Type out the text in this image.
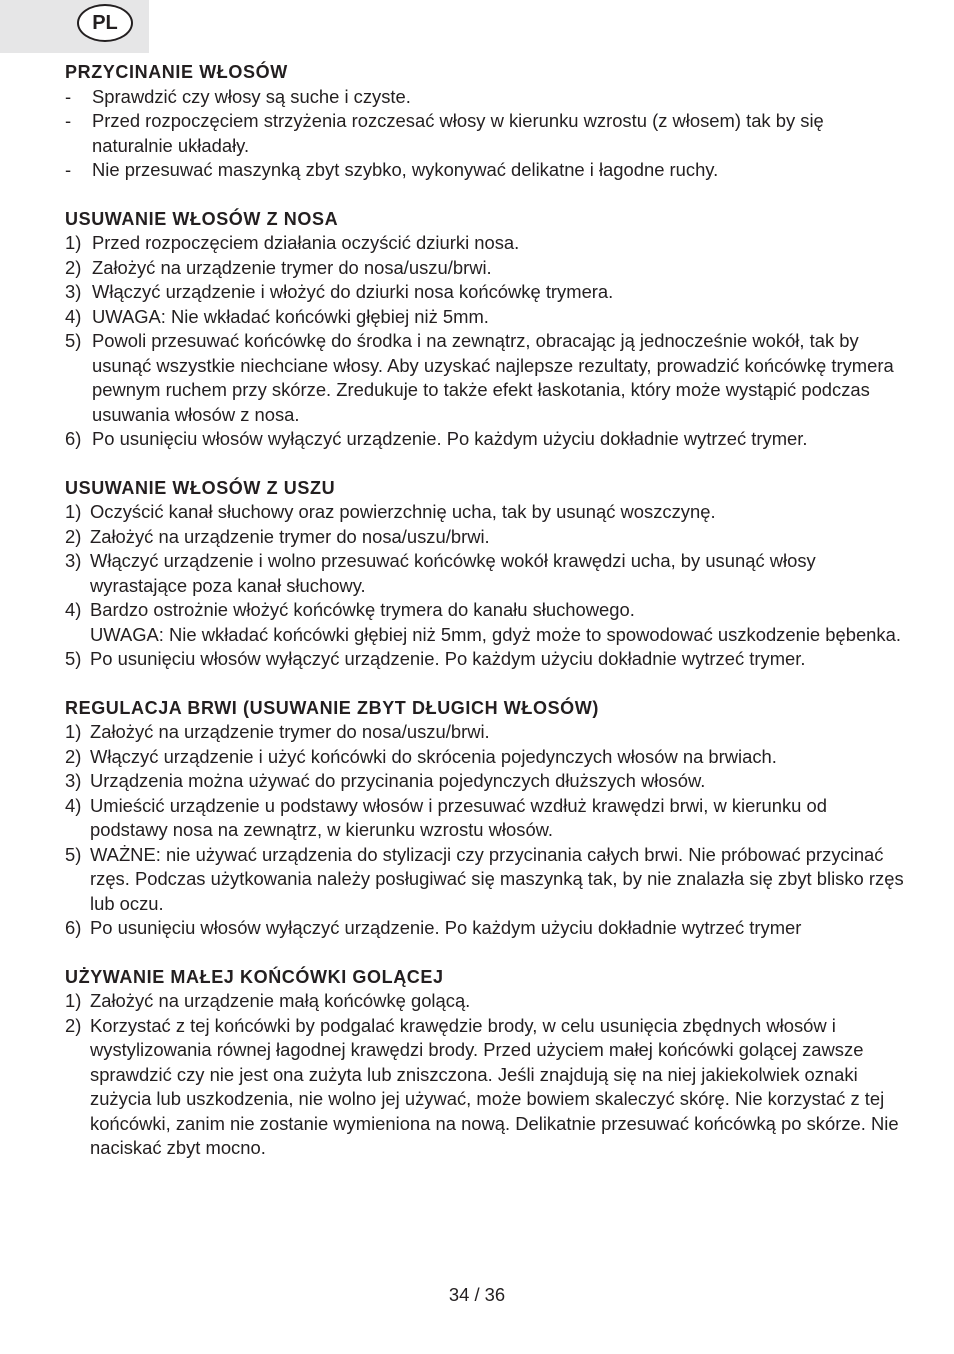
PL
PRZYCINANIE WŁOSÓW
-	Sprawdzić czy włosy są suche i czyste.
-	Przed rozpoczęciem strzyżenia rozczesać włosy w kierunku wzrostu (z włosem) tak by się naturalnie układały.
-	Nie przesuwać maszynką zbyt szybko, wykonywać delikatne i łagodne ruchy.
USUWANIE WŁOSÓW Z NOSA
1) Przed rozpoczęciem działania oczyścić dziurki nosa.
2) Założyć na urządzenie trymer do nosa/uszu/brwi.
3) Włączyć urządzenie i włożyć do dziurki nosa końcówkę trymera.
4) UWAGA: Nie wkładać końcówki głębiej niż 5mm.
5) Powoli przesuwać końcówkę do środka i na zewnątrz, obracając ją jednocześnie wokół, tak by usunąć wszystkie niechciane włosy. Aby uzyskać najlepsze rezultaty, prowadzić końcówkę trymera pewnym ruchem przy skórze. Zredukuje to także efekt łaskotania, który może wystąpić podczas usuwania włosów z nosa.
6) Po usunięciu włosów wyłączyć urządzenie. Po każdym użyciu dokładnie wytrzeć trymer.
USUWANIE WŁOSÓW Z USZU
1) Oczyścić kanał słuchowy oraz powierzchnię ucha, tak by usunąć woszczynę.
2) Założyć na urządzenie trymer do nosa/uszu/brwi.
3) Włączyć urządzenie i wolno przesuwać końcówkę wokół krawędzi ucha, by usunąć włosy wyrastające poza kanał słuchowy.
4) Bardzo ostrożnie włożyć końcówkę trymera do kanału słuchowego.
UWAGA: Nie wkładać końcówki głębiej niż 5mm, gdyż może to spowodować uszkodzenie bębenka.
5) Po usunięciu włosów wyłączyć urządzenie. Po każdym użyciu dokładnie wytrzeć trymer.
REGULACJA BRWI (USUWANIE ZBYT DŁUGICH WŁOSÓW)
1) Założyć na urządzenie trymer do nosa/uszu/brwi.
2) Włączyć urządzenie i użyć końcówki do skrócenia pojedynczych włosów na brwiach.
3) Urządzenia można używać do przycinania pojedynczych dłuższych włosów.
4) Umieścić urządzenie u podstawy włosów i przesuwać wzdłuż krawędzi brwi, w kierunku od podstawy nosa na zewnątrz, w kierunku wzrostu włosów.
5) WAŻNE: nie używać urządzenia do stylizacji czy przycinania całych brwi. Nie próbować przycinać rzęs. Podczas użytkowania należy posługiwać się maszynką tak, by nie znalazła się zbyt blisko rzęs lub oczu.
6) Po usunięciu włosów wyłączyć urządzenie. Po każdym użyciu dokładnie wytrzeć trymer
UŻYWANIE MAŁEJ KOŃCÓWKI GOLĄCEJ
1) Założyć na urządzenie małą końcówkę golącą.
2) Korzystać z tej końcówki by podgalać krawędzie brody, w celu usunięcia zbędnych włosów i wystylizowania równej łagodnej krawędzi brody. Przed użyciem małej końcówki golącej zawsze sprawdzić czy nie jest ona zużyta lub zniszczona. Jeśli znajdują się na niej jakiekolwiek oznaki zużycia lub uszkodzenia, nie wolno jej używać, może bowiem skaleczyć skórę. Nie korzystać z tej końcówki, zanim nie zostanie wymieniona na nową. Delikatnie przesuwać końcówką po skórze. Nie naciskać zbyt mocno.
34 / 36
